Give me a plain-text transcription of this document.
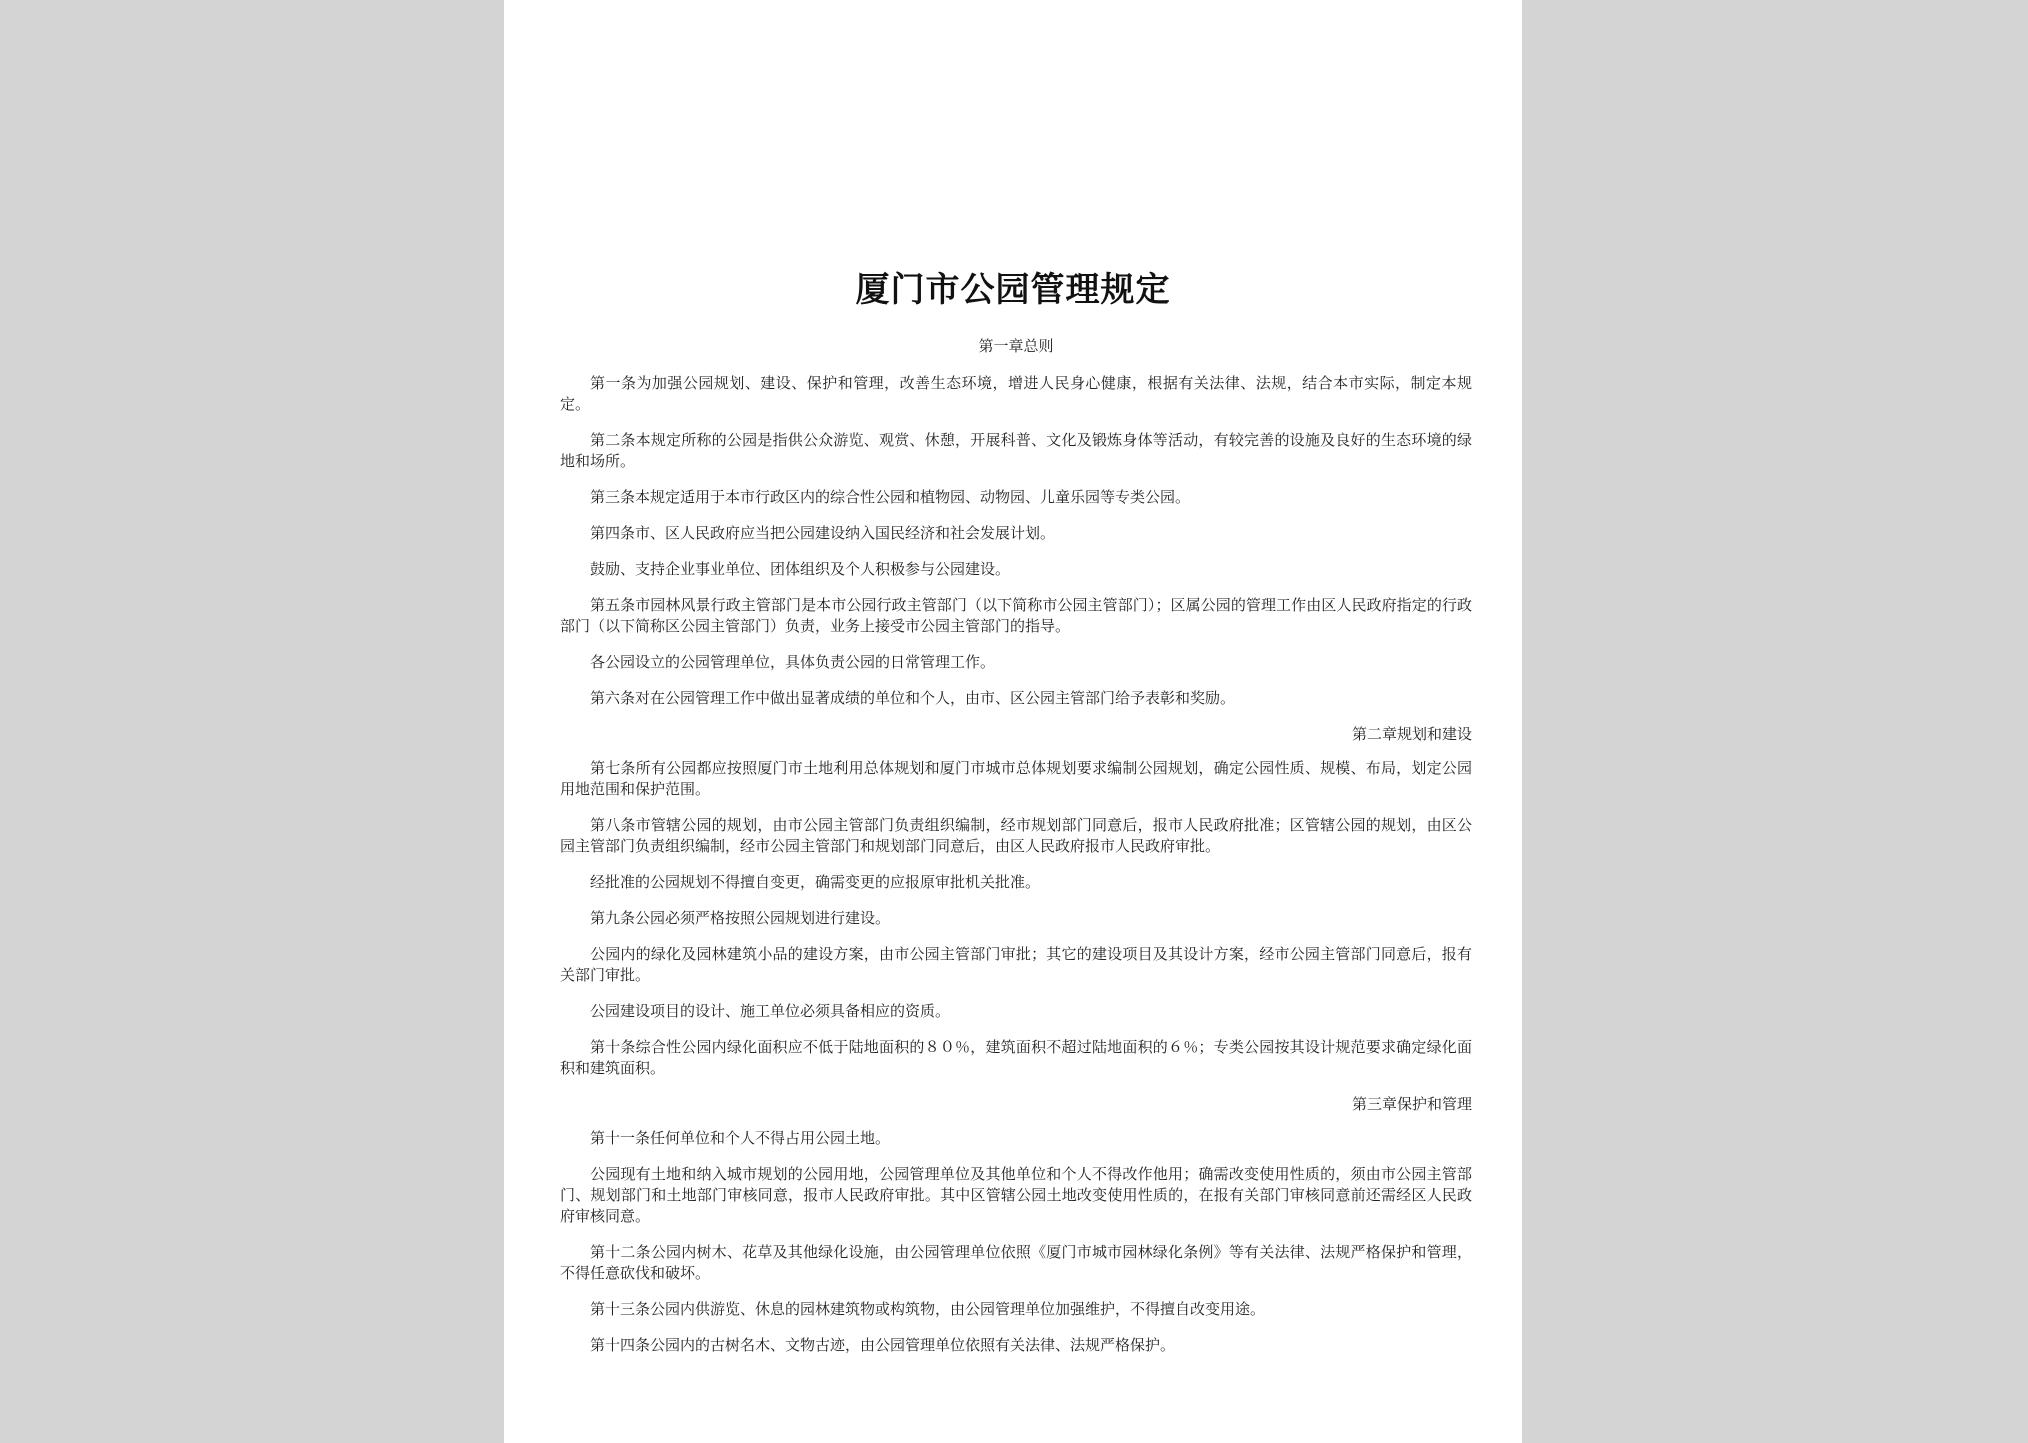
厦门市公园管理规定

第一章总则

第一条为加强公园规划、建设、保护和管理，改善生态环境，增进人民身心健康，根据有关法律、法规，结合本市实际，制定本规定。

第二条本规定所称的公园是指供公众游览、观赏、休憩，开展科普、文化及锻炼身体等活动，有较完善的设施及良好的生态环境的绿地和场所。

第三条本规定适用于本市行政区内的综合性公园和植物园、动物园、儿童乐园等专类公园。

第四条市、区人民政府应当把公园建设纳入国民经济和社会发展计划。

鼓励、支持企业事业单位、团体组织及个人积极参与公园建设。

第五条市园林风景行政主管部门是本市公园行政主管部门（以下简称市公园主管部门）；区属公园的管理工作由区人民政府指定的行政部门（以下简称区公园主管部门）负责，业务上接受市公园主管部门的指导。

各公园设立的公园管理单位，具体负责公园的日常管理工作。

第六条对在公园管理工作中做出显著成绩的单位和个人，由市、区公园主管部门给予表彰和奖励。

第二章规划和建设

第七条所有公园都应按照厦门市土地利用总体规划和厦门市城市总体规划要求编制公园规划，确定公园性质、规模、布局，划定公园用地范围和保护范围。

第八条市管辖公园的规划，由市公园主管部门负责组织编制，经市规划部门同意后，报市人民政府批准；区管辖公园的规划，由区公园主管部门负责组织编制，经市公园主管部门和规划部门同意后，由区人民政府报市人民政府审批。

经批准的公园规划不得擅自变更，确需变更的应报原审批机关批准。

第九条公园必须严格按照公园规划进行建设。

公园内的绿化及园林建筑小品的建设方案，由市公园主管部门审批；其它的建设项目及其设计方案，经市公园主管部门同意后，报有关部门审批。

公园建设项目的设计、施工单位必须具备相应的资质。

第十条综合性公园内绿化面积应不低于陆地面积的８０％，建筑面积不超过陆地面积的６％；专类公园按其设计规范要求确定绿化面积和建筑面积。

第三章保护和管理

第十一条任何单位和个人不得占用公园土地。

公园现有土地和纳入城市规划的公园用地，公园管理单位及其他单位和个人不得改作他用；确需改变使用性质的，须由市公园主管部门、规划部门和土地部门审核同意，报市人民政府审批。其中区管辖公园土地改变使用性质的，在报有关部门审核同意前还需经区人民政府审核同意。

第十二条公园内树木、花草及其他绿化设施，由公园管理单位依照《厦门市城市园林绿化条例》等有关法律、法规严格保护和管理，不得任意砍伐和破坏。

第十三条公园内供游览、休息的园林建筑物或构筑物，由公园管理单位加强维护，不得擅自改变用途。

第十四条公园内的古树名木、文物古迹，由公园管理单位依照有关法律、法规严格保护。
